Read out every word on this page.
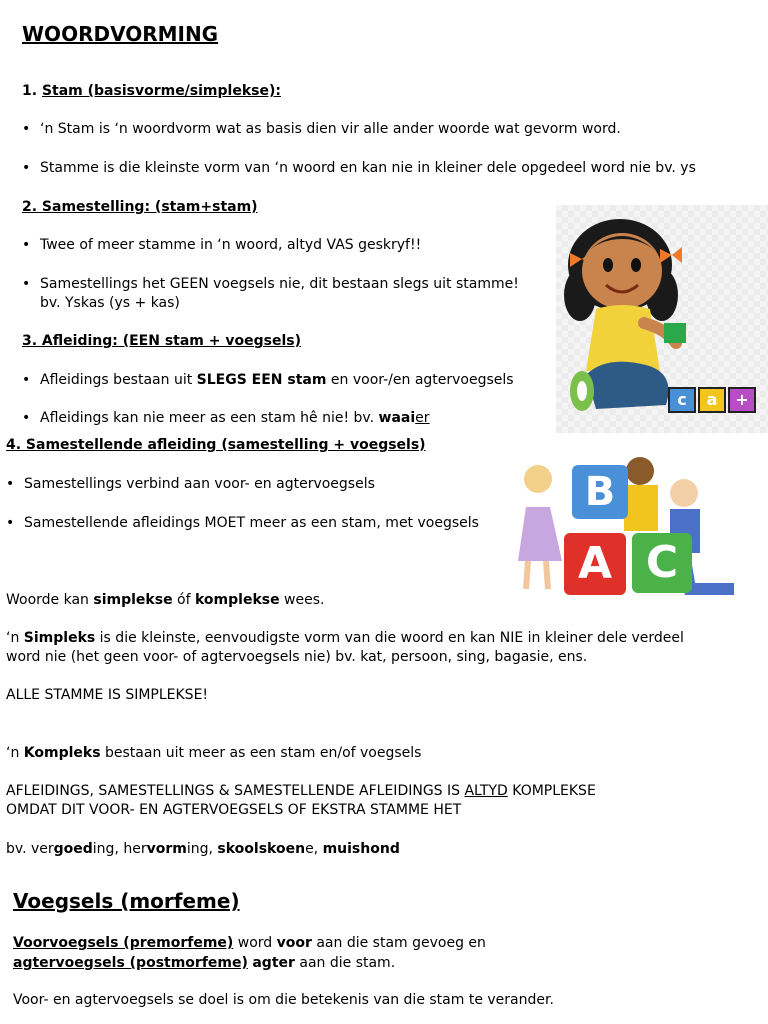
WOORDVORMING
1. Stam (basisvorme/simplekse):
• ‘n Stam is ‘n woordvorm wat as basis dien vir alle ander woorde wat gevorm word.
• Stamme is die kleinste vorm van ‘n woord en kan nie in kleiner dele opgedeel word nie bv. ys
2. Samestelling: (stam+stam)
• Twee of meer stamme in ‘n woord, altyd VAS geskryf!!
• Samestellings het GEEN voegsels nie, dit bestaan slegs uit stamme!
bv. Yskas (ys + kas)
3. Afleiding: (EEN stam + voegsels)
• Afleidings bestaan uit SLEGS EEN stam en voor-/en agtervoegsels
• Afleidings kan nie meer as een stam hê nie! bv. waaier
4. Samestellende afleiding (samestelling + voegsels)
• Samestellings verbind aan voor- en agtervoegsels
• Samestellende afleidings MOET meer as een stam, met voegsels
Woorde kan simplekse óf komplekse wees.
‘n Simpleks is die kleinste, eenvoudigste vorm van die woord en kan NIE in kleiner dele verdeel
word nie (het geen voor- of agtervoegsels nie) bv. kat, persoon, sing, bagasie, ens.
ALLE STAMME IS SIMPLEKSE!
‘n Kompleks bestaan uit meer as een stam en/of voegsels
AFLEIDINGS, SAMESTELLINGS & SAMESTELLENDE AFLEIDINGS IS ALTYD KOMPLEKSE
OMDAT DIT VOOR- EN AGTERVOEGSELS OF EKSTRA STAMME HET
bv. vergoeding, hervorming, skoolskoene, muishond
Voegsels (morfeme)
Voorvoegsels (premorfeme) word voor aan die stam gevoeg en
agtervoegsels (postmorfeme) agter aan die stam.
Voor- en agtervoegsels se doel is om die betekenis van die stam te verander.
c	a	+
B
A C
